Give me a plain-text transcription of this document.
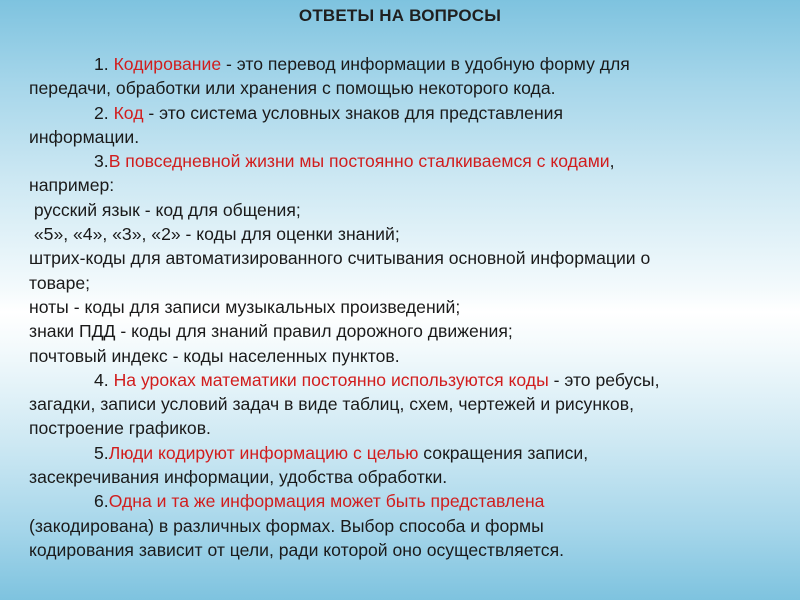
ОТВЕТЫ НА ВОПРОСЫ

1. Кодирование - это перевод информации в удобную форму для

передачи, обработки или хранения с помощью некоторого кода.

2. Код - это система условных знаков для представления

информации.

3.В повседневной жизни мы постоянно сталкиваемся с кодами,

например:

русский язык - код для общения;

«5», «4», «3», «2» - коды для оценки знаний;

штрих-коды для автоматизированного считывания основной информации о

товаре;

ноты - коды для записи музыкальных произведений;

знаки ПДД - коды для знаний правил дорожного движения;

почтовый индекс - коды населенных пунктов.

4. На уроках математики постоянно используются коды - это ребусы,

загадки, записи условий задач в виде таблиц, схем, чертежей и рисунков,

построение графиков.

5.Люди кодируют информацию с целью сокращения записи,

засекречивания информации, удобства обработки.

6.Одна и та же информация может быть представлена

(закодирована) в различных формах. Выбор способа и формы

кодирования зависит от цели, ради которой оно осуществляется.
